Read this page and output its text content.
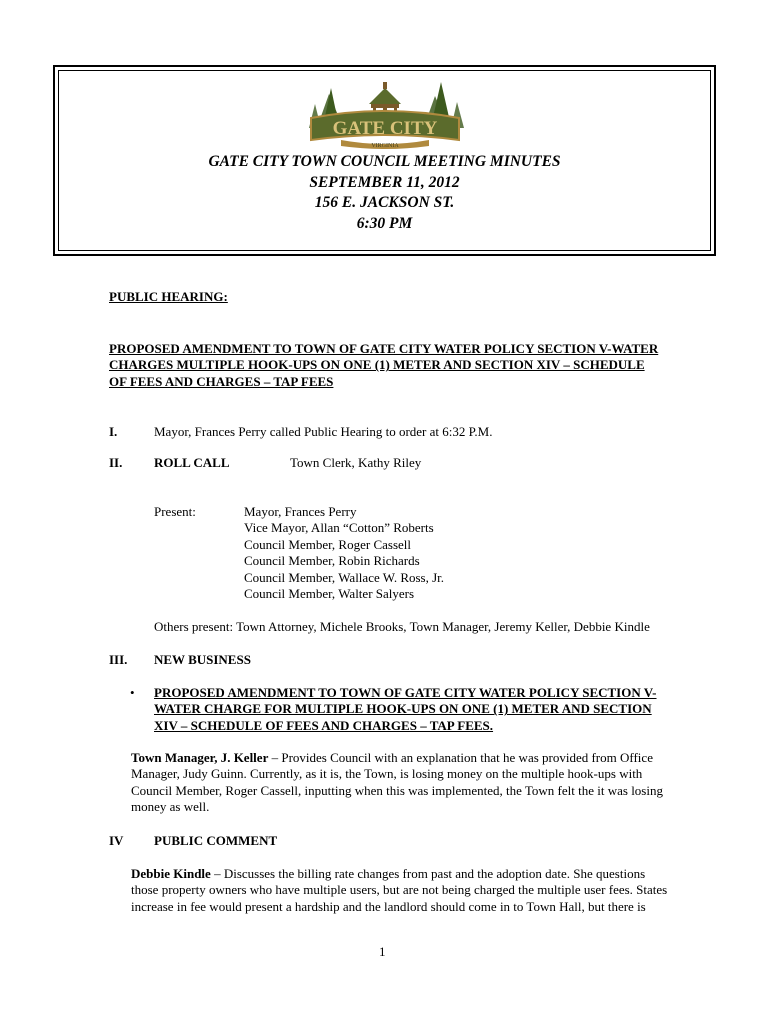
GATE CITY
VIRGINIA
GATE CITY TOWN COUNCIL MEETING MINUTES
SEPTEMBER 11, 2012
156 E. JACKSON ST.
6:30 PM
PUBLIC HEARING:
PROPOSED AMENDMENT TO TOWN OF GATE CITY WATER POLICY SECTION V-WATER
CHARGES MULTIPLE HOOK-UPS ON ONE (1) METER AND SECTION XIV – SCHEDULE
OF FEES AND CHARGES – TAP FEES
I.	Mayor, Frances Perry called Public Hearing to order at 6:32 P.M.
II. ROLL CALL	Town Clerk, Kathy Riley
Present:	Mayor, Frances Perry
Vice Mayor, Allan “Cotton” Roberts
Council Member, Roger Cassell
Council Member, Robin Richards
Council Member, Wallace W. Ross, Jr.
Council Member, Walter Salyers
Others present: Town Attorney, Michele Brooks, Town Manager, Jeremy Keller, Debbie Kindle
III. NEW BUSINESS
• PROPOSED AMENDMENT TO TOWN OF GATE CITY WATER POLICY SECTION V-
WATER CHARGE FOR MULTIPLE HOOK-UPS ON ONE (1) METER AND SECTION
XIV – SCHEDULE OF FEES AND CHARGES – TAP FEES.
Town Manager, J. Keller – Provides Council with an explanation that he was provided from Office
Manager, Judy Guinn. Currently, as it is, the Town, is losing money on the multiple hook-ups with
Council Member, Roger Cassell, inputting when this was implemented, the Town felt the it was losing
money as well.
IV PUBLIC COMMENT
Debbie Kindle – Discusses the billing rate changes from past and the adoption date. She questions
those property owners who have multiple users, but are not being charged the multiple user fees. States
increase in fee would present a hardship and the landlord should come in to Town Hall, but there is
1
